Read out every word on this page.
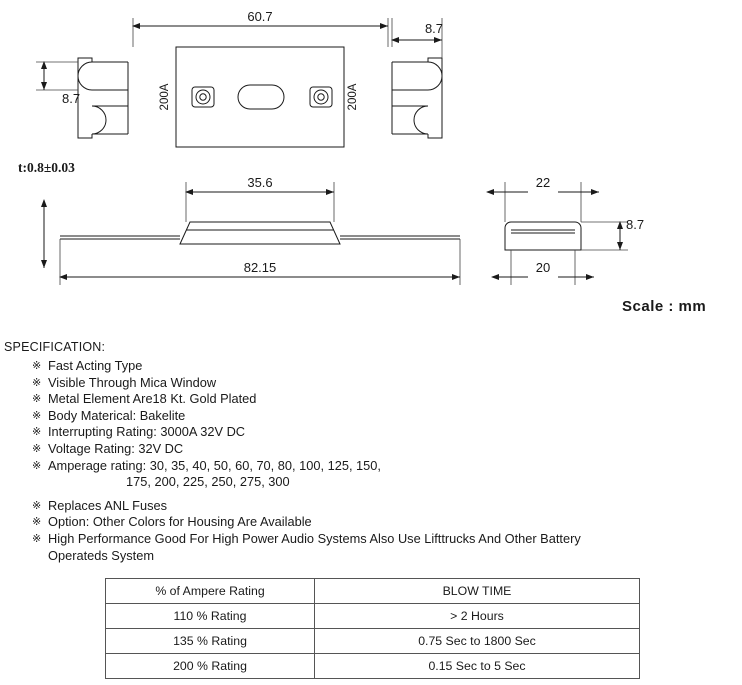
200A	200A
60.7
8.7
8.7
35.6
82.15
22
20
8.7
t:0.8±0.03
Scale : mm
SPECIFICATION:
※ Fast Acting Type
※ Visible Through Mica Window
※ Metal Element Are18 Kt. Gold Plated
※ Body Materical: Bakelite
※ Interrupting Rating: 3000A 32V DC
※ Voltage Rating: 32V DC
※ Amperage rating: 30, 35, 40, 50, 60, 70, 80, 100, 125, 150,
175, 200, 225, 250, 275, 300
※ Replaces ANL Fuses
※ Option: Other Colors for Housing Are Available
※ High Performance Good For High Power Audio Systems Also Use Lifttrucks And Other Battery
Operateds System
% of Ampere Rating	BLOW TIME
110 % Rating	> 2 Hours
135 % Rating	0.75 Sec to 1800 Sec
200 % Rating	0.15 Sec to 5 Sec
